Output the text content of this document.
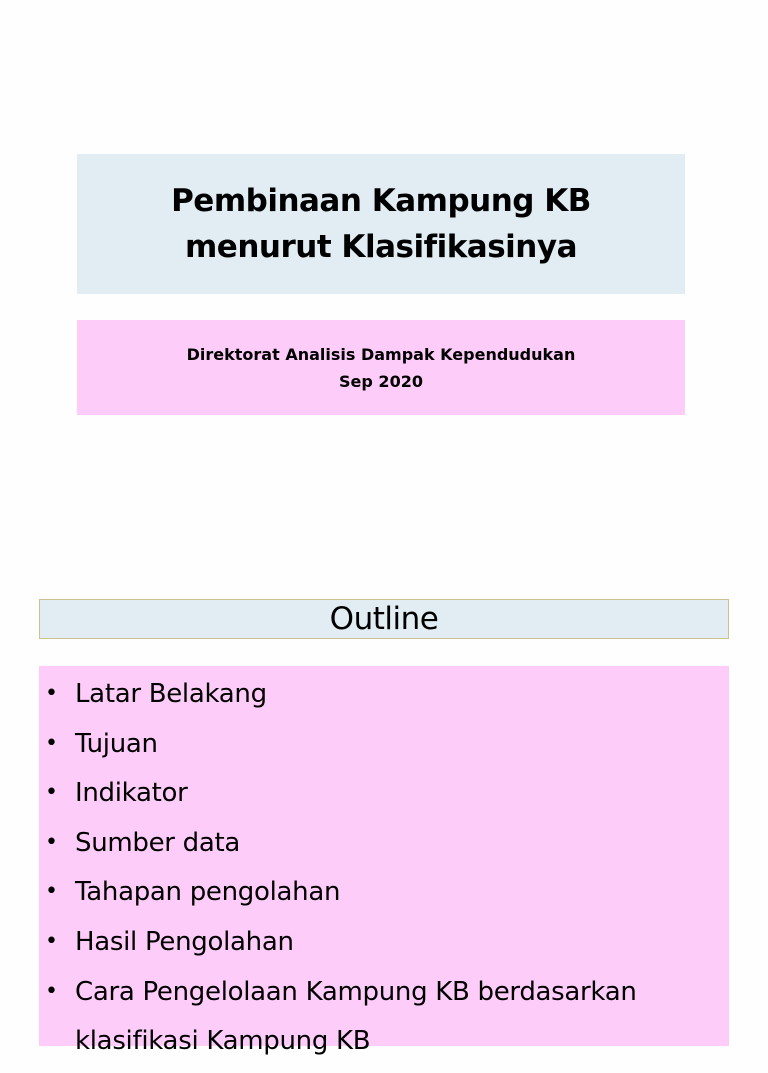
Pembinaan Kampung KB
menurut Klasifikasinya
Direktorat Analisis Dampak Kependudukan
Sep 2020
Outline
• Latar Belakang
• Tujuan
• Indikator
• Sumber data
• Tahapan pengolahan
• Hasil Pengolahan
• Cara Pengelolaan Kampung KB berdasarkan
klasifikasi Kampung KB
